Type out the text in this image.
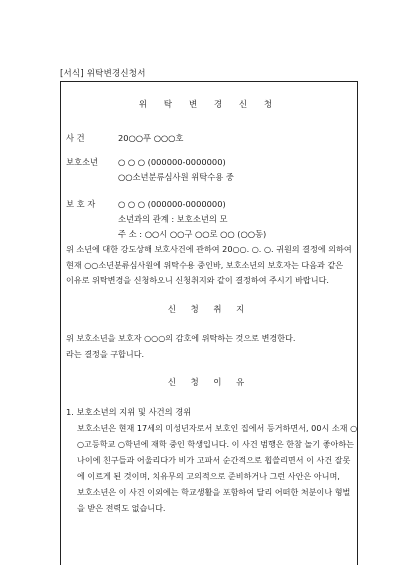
[서식] 위탁변경신청서
위 탁 변 경 신 청
사 건	20○○푸 ○○○호
보호소년 ○ ○ ○ (000000-0000000)
○○소년분류심사원 위탁수용 중
보 호 자	○ ○ ○ (000000-0000000)
소년과의 관계 : 보호소년의 모
주 소 : ○○시 ○○구 ○○로 ○○ (○○동)
위 소년에 대한 강도상해 보호사건에 관하여 20○○. ○. ○. 귀원의 결정에 의하여
현재 ○○소년분류심사원에 위탁수용 중인바, 보호소년의 보호자는 다음과 같은
이유로 위탁변경을 신청하오니 신청취지와 같이 결정하여 주시기 바랍니다.
신 청 취 지
위 보호소년을 보호자 ○○○의 감호에 위탁하는 것으로 변경한다.
라는 결정을 구합니다.
신 청 이 유
1. 보호소년의 지위 및 사건의 경위
보호소년은 현재 17세의 미성년자로서 보호인 집에서 등거하면서, 00시 소재 ○
○고등학교 ○학년에 재학 중인 학생입니다. 이 사건 범행은 한참 놀기 좋아하는
나이에 친구들과 어울리다가 비가 고파서 순간적으로 휩쓸리면서 이 사건 잘못
에 이르게 된 것이며, 치유무의 고의적으로 준비하거나 그런 사안은 아니며,
보호소년은 이 사건 이외에는 학교생활을 포함하여 달리 어떠한 처분이나 형벌
을 받은 전력도 없습니다.
